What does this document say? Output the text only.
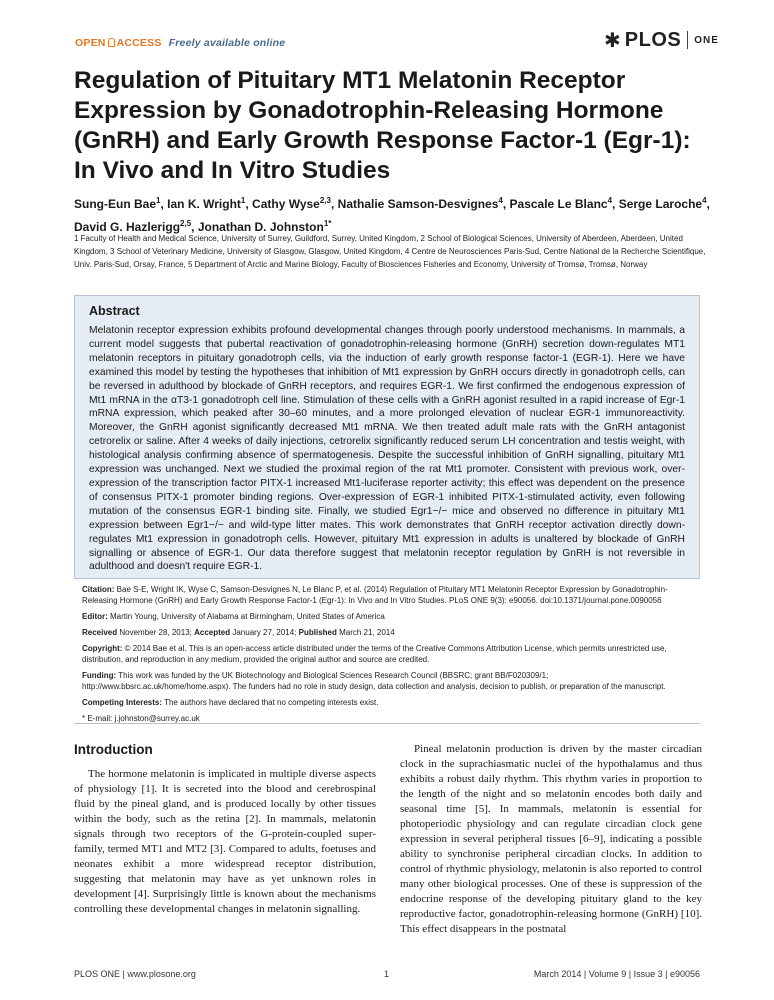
OPEN ACCESS Freely available online	✱ PLOS ONE
Regulation of Pituitary MT1 Melatonin Receptor Expression by Gonadotrophin-Releasing Hormone (GnRH) and Early Growth Response Factor-1 (Egr-1): In Vivo and In Vitro Studies

Sung-Eun Bae$^1$, Ian K. Wright$^1$, Cathy Wyse$^{2,3}$, Nathalie Samson-Desvignes$^4$, Pascale Le Blanc$^4$, Serge Laroche$^4$, David G. Hazlerigg$^{2,5}$, Jonathan D. Johnston$^{1*}$

1 Faculty of Health and Medical Science, University of Surrey, Guildford, Surrey, United Kingdom, 2 School of Biological Sciences, University of Aberdeen, Aberdeen, United Kingdom, 3 School of Veterinary Medicine, University of Glasgow, Glasgow, United Kingdom, 4 Centre de Neurosciences Paris-Sud, Centre National de la Recherche Scientifique, Univ. Paris-Sud, Orsay, France, 5 Department of Arctic and Marine Biology, Faculty of Biosciences Fisheries and Economy, University of Tromsø, Tromsø, Norway

Abstract

Melatonin receptor expression exhibits profound developmental changes through poorly understood mechanisms. In mammals, a current model suggests that pubertal reactivation of gonadotrophin-releasing hormone (GnRH) secretion down-regulates MT1 melatonin receptors in pituitary gonadotroph cells, via the induction of early growth response factor-1 (EGR-1). Here we have examined this model by testing the hypotheses that inhibition of Mt1 expression by GnRH occurs directly in gonadotroph cells, can be reversed in adulthood by blockade of GnRH receptors, and requires EGR-1. We first confirmed the endogenous expression of Mt1 mRNA in the αT3-1 gonadotroph cell line. Stimulation of these cells with a GnRH agonist resulted in a rapid increase of Egr-1 mRNA expression, which peaked after 30–60 minutes, and a more prolonged elevation of nuclear EGR-1 immunoreactivity. Moreover, the GnRH agonist significantly decreased Mt1 mRNA. We then treated adult male rats with the GnRH antagonist cetrorelix or saline. After 4 weeks of daily injections, cetrorelix significantly reduced serum LH concentration and testis weight, with histological analysis confirming absence of spermatogenesis. Despite the successful inhibition of GnRH signalling, pituitary Mt1 expression was unchanged. Next we studied the proximal region of the rat Mt1 promoter. Consistent with previous work, over-expression of the transcription factor PITX-1 increased Mt1-luciferase reporter activity; this effect was dependent on the presence of consensus PITX-1 promoter binding regions. Over-expression of EGR-1 inhibited PITX-1-stimulated activity, even following mutation of the consensus EGR-1 binding site. Finally, we studied Egr1−/− mice and observed no difference in pituitary Mt1 expression between Egr1−/− and wild-type litter mates. This work demonstrates that GnRH receptor activation directly down-regulates Mt1 expression in gonadotroph cells. However, pituitary Mt1 expression in adults is unaltered by blockade of GnRH signalling or absence of EGR-1. Our data therefore suggest that melatonin receptor regulation by GnRH is not reversible in adulthood and doesn't require EGR-1.

Citation: Bae S-E, Wright IK, Wyse C, Samson-Desvignes N, Le Blanc P, et al. (2014) Regulation of Pituitary MT1 Melatonin Receptor Expression by Gonadotrophin-Releasing Hormone (GnRH) and Early Growth Response Factor-1 (Egr-1): In Vivo and In Vitro Studies. PLoS ONE 9(3): e90056. doi:10.1371/journal.pone.0090056
Editor: Martin Young, University of Alabama at Birmingham, United States of America
Received November 28, 2013; Accepted January 27, 2014; Published March 21, 2014
Copyright: © 2014 Bae et al. This is an open-access article distributed under the terms of the Creative Commons Attribution License, which permits unrestricted use, distribution, and reproduction in any medium, provided the original author and source are credited.
Funding: This work was funded by the UK Biotechnology and Biological Sciences Research Council (BBSRC; grant BB/F020309/1; http://www.bbsrc.ac.uk/home/home.aspx). The funders had no role in study design, data collection and analysis, decision to publish, or preparation of the manuscript.
Competing Interests: The authors have declared that no competing interests exist.
* E-mail: j.johnston@surrey.ac.uk
Introduction

The hormone melatonin is implicated in multiple diverse aspects of physiology [1]. It is secreted into the blood and cerebrospinal fluid by the pineal gland, and is produced locally by other tissues within the body, such as the retina [2]. In mammals, melatonin signals through two receptors of the G-protein-coupled super-family, termed MT1 and MT2 [3]. Compared to adults, foetuses and neonates exhibit a more widespread receptor distribution, suggesting that melatonin may have as yet unknown roles in development [4]. Surprisingly little is known about the mechanisms controlling these developmental changes in melatonin signalling.

Pineal melatonin production is driven by the master circadian clock in the suprachiasmatic nuclei of the hypothalamus and thus exhibits a robust daily rhythm. This rhythm varies in proportion to the length of the night and so melatonin encodes both daily and seasonal time [5]. In mammals, melatonin is essential for photoperiodic physiology and can regulate circadian clock gene expression in several peripheral tissues [6–9], indicating a possible ability to synchronise peripheral circadian clocks. In addition to control of rhythmic physiology, melatonin is also reported to control many other biological processes. One of these is suppression of the endocrine response of the developing pituitary gland to the key reproductive factor, gonadotrophin-releasing hormone (GnRH) [10]. This effect disappears in the postnatal

PLOS ONE | www.plosone.org	1	March 2014 | Volume 9 | Issue 3 | e90056
